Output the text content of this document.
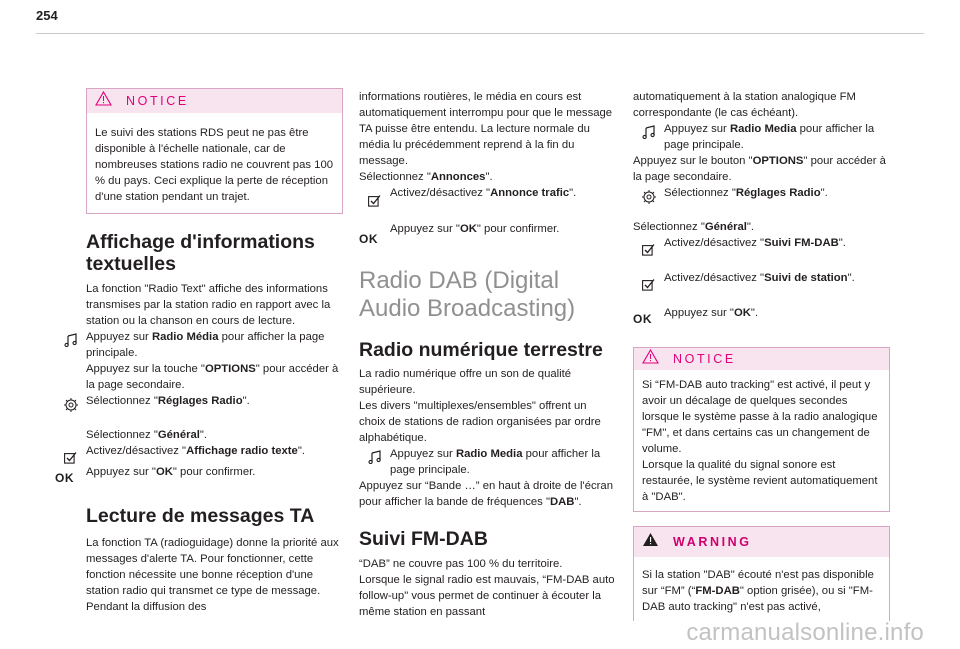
254
NOTICE

Le suivi des stations RDS peut ne pas être disponible à l'échelle nationale, car de nombreuses stations radio ne couvrent pas 100 % du pays. Ceci explique la perte de réception d'une station pendant un trajet.

Affichage d'informations textuelles

La fonction "Radio Text" affiche des informations transmises par la station radio en rapport avec la station ou la chanson en cours de lecture.

Appuyez sur Radio Média pour afficher la page principale.

Appuyez sur la touche "OPTIONS" pour accéder à la page secondaire.

Sélectionnez "Réglages Radio".

Sélectionnez "Général".

Activez/désactivez "Affichage radio texte".

OK	Appuyez sur "OK" pour confirmer.

Lecture de messages TA

La fonction TA (radioguidage) donne la priorité aux messages d'alerte TA. Pour fonctionner, cette fonction nécessite une bonne réception d'une station radio qui transmet ce type de message. Pendant la diffusion des

informations routières, le média en cours est automatiquement interrompu pour que le message TA puisse être entendu. La lecture normale du média lu précédemment reprend à la fin du message.

Sélectionnez "Annonces".

Activez/désactivez "Annonce trafic".

OK

Appuyez sur "OK" pour confirmer.

Radio DAB (Digital Audio Broadcasting)
Radio numérique terrestre

La radio numérique offre un son de qualité supérieure.

Les divers "multiplexes/ensembles" offrent un choix de stations de radion organisées par ordre alphabétique.

Appuyez sur Radio Media pour afficher la page principale.

Appuyez sur “Bande …” en haut à droite de l'écran pour afficher la bande de fréquences "DAB".

Suivi FM-DAB

“DAB” ne couvre pas 100 % du territoire.

Lorsque le signal radio est mauvais, “FM-DAB auto follow-up" vous permet de continuer à écouter la même station en passant

automatiquement à la station analogique FM correspondante (le cas échéant).

Appuyez sur Radio Media pour afficher la page principale.

Appuyez sur le bouton "OPTIONS" pour accéder à la page secondaire.

Sélectionnez "Réglages Radio".

Sélectionnez "Général".

Activez/désactivez "Suivi FM-DAB".

Activez/désactivez "Suivi de station".

OK	Appuyez sur "OK".

NOTICE

Si “FM-DAB auto tracking" est activé, il peut y avoir un décalage de quelques secondes lorsque le système passe à la radio analogique "FM", et dans certains cas un changement de volume.

Lorsque la qualité du signal sonore est restaurée, le système revient automatiquement à "DAB".

WARNING

Si la station "DAB" écouté n'est pas disponible sur “FM” (“FM-DAB" option grisée), ou si "FM-DAB auto tracking" n'est pas activé,

carmanualsonline.info
